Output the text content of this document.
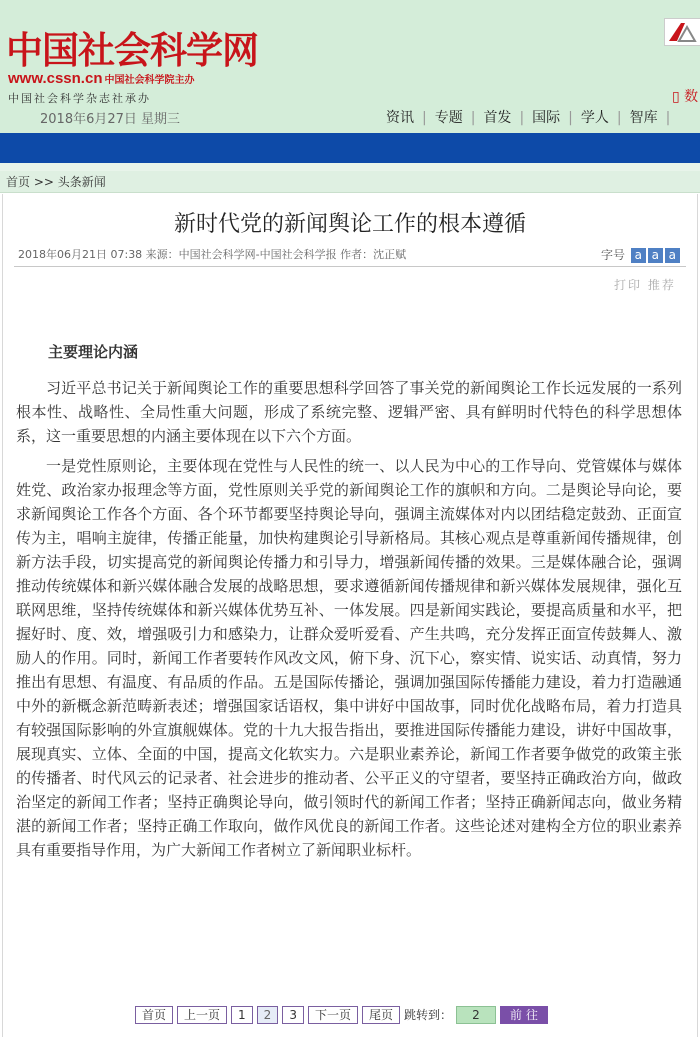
中国社会科学网
www.cssn.cn 中国社会科学院主办
中国社会科学杂志社承办
2018年6月27日 星期三
▯ 数
资讯 | 专题 | 首发 | 国际 | 学人 | 智库 |
首页 >> 头条新闻
新时代党的新闻舆论工作的根本遵循
2018年06月21日 07:38 来源：中国社会科学网-中国社会科学报 作者：沈正赋	字号 a a a
打印 推荐
主要理论内涵

习近平总书记关于新闻舆论工作的重要思想科学回答了事关党的新闻舆论工作长远发展的一系列根本性、战略性、全局性重大问题，形成了系统完整、逻辑严密、具有鲜明时代特色的科学思想体系，这一重要思想的内涵主要体现在以下六个方面。

一是党性原则论，主要体现在党性与人民性的统一、以人民为中心的工作导向、党管媒体与媒体姓党、政治家办报理念等方面，党性原则关乎党的新闻舆论工作的旗帜和方向。二是舆论导向论，要求新闻舆论工作各个方面、各个环节都要坚持舆论导向，强调主流媒体对内以团结稳定鼓劲、正面宣传为主，唱响主旋律，传播正能量，加快构建舆论引导新格局。其核心观点是尊重新闻传播规律，创新方法手段，切实提高党的新闻舆论传播力和引导力，增强新闻传播的效果。三是媒体融合论，强调推动传统媒体和新兴媒体融合发展的战略思想，要求遵循新闻传播规律和新兴媒体发展规律，强化互联网思维，坚持传统媒体和新兴媒体优势互补、一体发展。四是新闻实践论，要提高质量和水平，把握好时、度、效，增强吸引力和感染力，让群众爱听爱看、产生共鸣，充分发挥正面宣传鼓舞人、激励人的作用。同时，新闻工作者要转作风改文风，俯下身、沉下心，察实情、说实话、动真情，努力推出有思想、有温度、有品质的作品。五是国际传播论，强调加强国际传播能力建设，着力打造融通中外的新概念新范畴新表述；增强国家话语权，集中讲好中国故事，同时优化战略布局，着力打造具有较强国际影响的外宣旗舰媒体。党的十九大报告指出，要推进国际传播能力建设，讲好中国故事，展现真实、立体、全面的中国，提高文化软实力。六是职业素养论，新闻工作者要争做党的政策主张的传播者、时代风云的记录者、社会进步的推动者、公平正义的守望者，要坚持正确政治方向，做政治坚定的新闻工作者；坚持正确舆论导向，做引领时代的新闻工作者；坚持正确新闻志向，做业务精湛的新闻工作者；坚持正确工作取向，做作风优良的新闻工作者。这些论述对建构全方位的职业素养具有重要指导作用，为广大新闻工作者树立了新闻职业标杆。

首页 上一页 1 2 3 下一页 尾页 跳转到： 2	前 往
